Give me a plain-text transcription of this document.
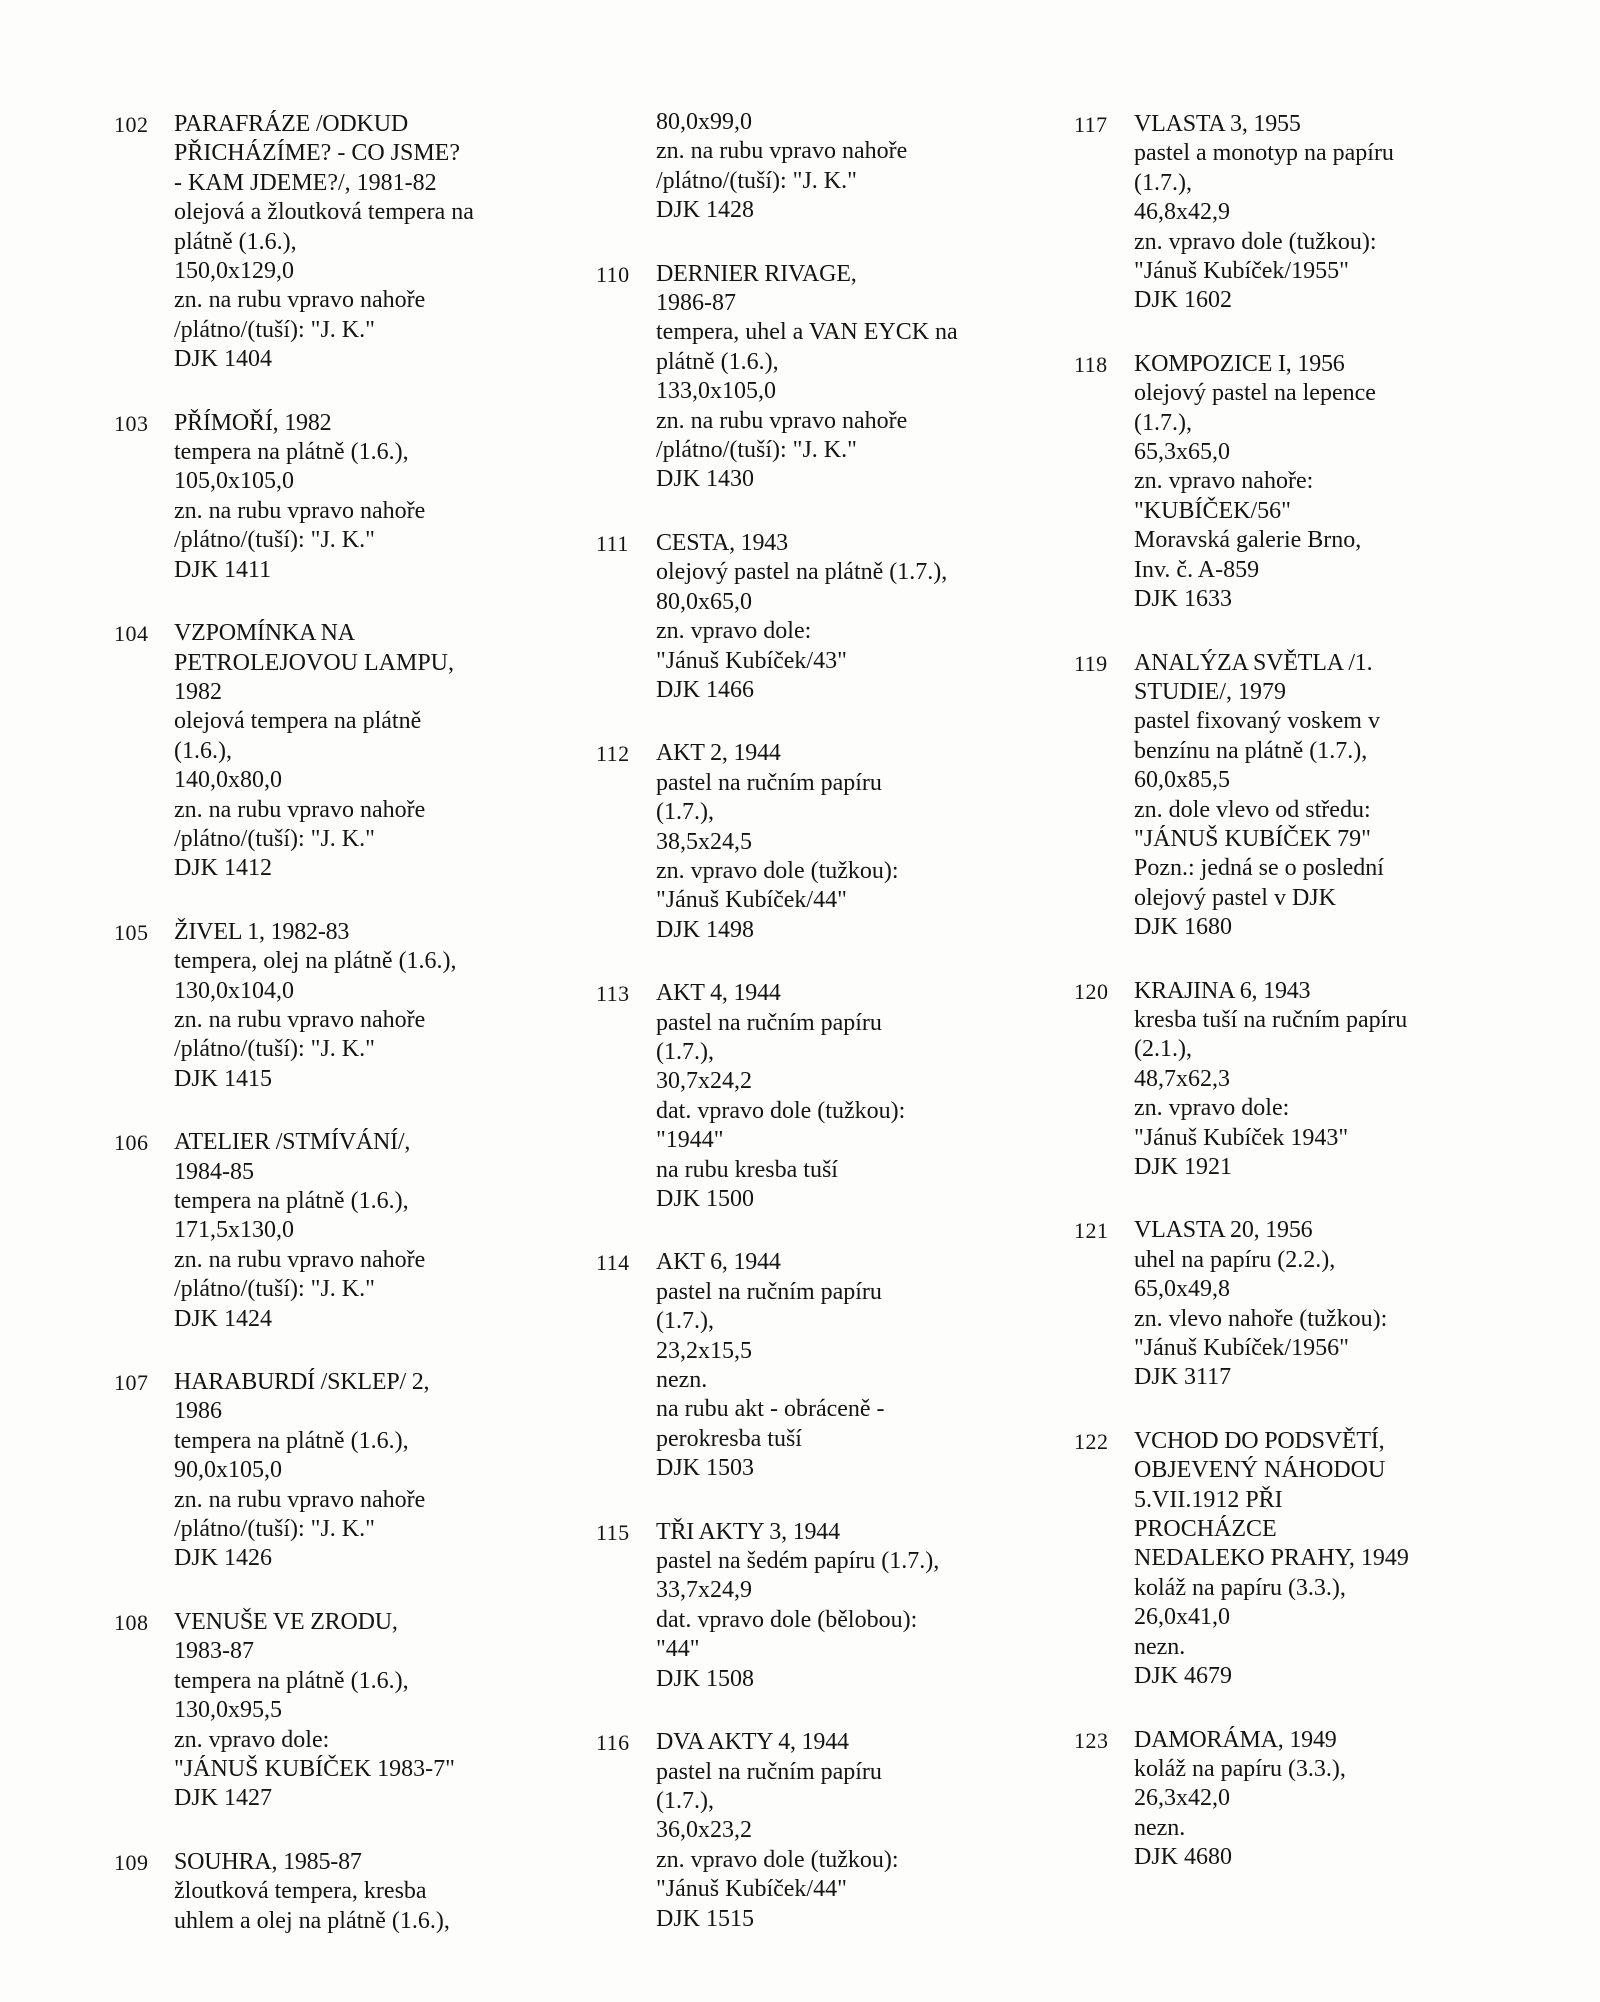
102 PARAFRÁZE /ODKUD
PŘICHÁZÍME? - CO JSME?
- KAM JDEME?/, 1981-82
olejová a žloutková tempera na
plátně (1.6.),
150,0x129,0
zn. na rubu vpravo nahoře
/plátno/(tuší): "J. K."
DJK 1404
103 PŘÍMOŘÍ, 1982
tempera na plátně (1.6.),
105,0x105,0
zn. na rubu vpravo nahoře
/plátno/(tuší): "J. K."
DJK 1411
104 VZPOMÍNKA NA
PETROLEJOVOU LAMPU,
1982
olejová tempera na plátně
(1.6.),
140,0x80,0
zn. na rubu vpravo nahoře
/plátno/(tuší): "J. K."
DJK 1412
105 ŽIVEL 1, 1982-83
tempera, olej na plátně (1.6.),
130,0x104,0
zn. na rubu vpravo nahoře
/plátno/(tuší): "J. K."
DJK 1415
106 ATELIER /STMÍVÁNÍ/,
1984-85
tempera na plátně (1.6.),
171,5x130,0
zn. na rubu vpravo nahoře
/plátno/(tuší): "J. K."
DJK 1424
107 HARABURDÍ /SKLEP/ 2,
1986
tempera na plátně (1.6.),
90,0x105,0
zn. na rubu vpravo nahoře
/plátno/(tuší): "J. K."
DJK 1426
108 VENUŠE VE ZRODU,
1983-87
tempera na plátně (1.6.),
130,0x95,5
zn. vpravo dole:
"JÁNUŠ KUBÍČEK 1983-7"
DJK 1427
109 SOUHRA, 1985-87
žloutková tempera, kresba
uhlem a olej na plátně (1.6.),
80,0x99,0
zn. na rubu vpravo nahoře
/plátno/(tuší): "J. K."
DJK 1428
110 DERNIER RIVAGE,
1986-87
tempera, uhel a VAN EYCK na
plátně (1.6.),
133,0x105,0
zn. na rubu vpravo nahoře
/plátno/(tuší): "J. K."
DJK 1430
111 CESTA, 1943
olejový pastel na plátně (1.7.),
80,0x65,0
zn. vpravo dole:
"Jánuš Kubíček/43"
DJK 1466
112 AKT 2, 1944
pastel na ručním papíru
(1.7.),
38,5x24,5
zn. vpravo dole (tužkou):
"Jánuš Kubíček/44"
DJK 1498
113 AKT 4, 1944
pastel na ručním papíru
(1.7.),
30,7x24,2
dat. vpravo dole (tužkou):
"1944"
na rubu kresba tuší
DJK 1500
114 AKT 6, 1944
pastel na ručním papíru
(1.7.),
23,2x15,5
nezn.
na rubu akt - obráceně -
perokresba tuší
DJK 1503
115 TŘI AKTY 3, 1944
pastel na šedém papíru (1.7.),
33,7x24,9
dat. vpravo dole (bělobou):
"44"
DJK 1508
116 DVA AKTY 4, 1944
pastel na ručním papíru
(1.7.),
36,0x23,2
zn. vpravo dole (tužkou):
"Jánuš Kubíček/44"
DJK 1515
117 VLASTA 3, 1955
pastel a monotyp na papíru
(1.7.),
46,8x42,9
zn. vpravo dole (tužkou):
"Jánuš Kubíček/1955"
DJK 1602
118 KOMPOZICE I, 1956
olejový pastel na lepence
(1.7.),
65,3x65,0
zn. vpravo nahoře:
"KUBÍČEK/56"
Moravská galerie Brno,
Inv. č. A-859
DJK 1633
119 ANALÝZA SVĚTLA /1.
STUDIE/, 1979
pastel fixovaný voskem v
benzínu na plátně (1.7.),
60,0x85,5
zn. dole vlevo od středu:
"JÁNUŠ KUBÍČEK 79"
Pozn.: jedná se o poslední
olejový pastel v DJK
DJK 1680
120 KRAJINA 6, 1943
kresba tuší na ručním papíru
(2.1.),
48,7x62,3
zn. vpravo dole:
"Jánuš Kubíček 1943"
DJK 1921
121 VLASTA 20, 1956
uhel na papíru (2.2.),
65,0x49,8
zn. vlevo nahoře (tužkou):
"Jánuš Kubíček/1956"
DJK 3117
122 VCHOD DO PODSVĚTÍ,
OBJEVENÝ NÁHODOU
5.VII.1912 PŘI
PROCHÁZCE
NEDALEKO PRAHY, 1949
koláž na papíru (3.3.),
26,0x41,0
nezn.
DJK 4679
123 DAMORÁMA, 1949
koláž na papíru (3.3.),
26,3x42,0
nezn.
DJK 4680
